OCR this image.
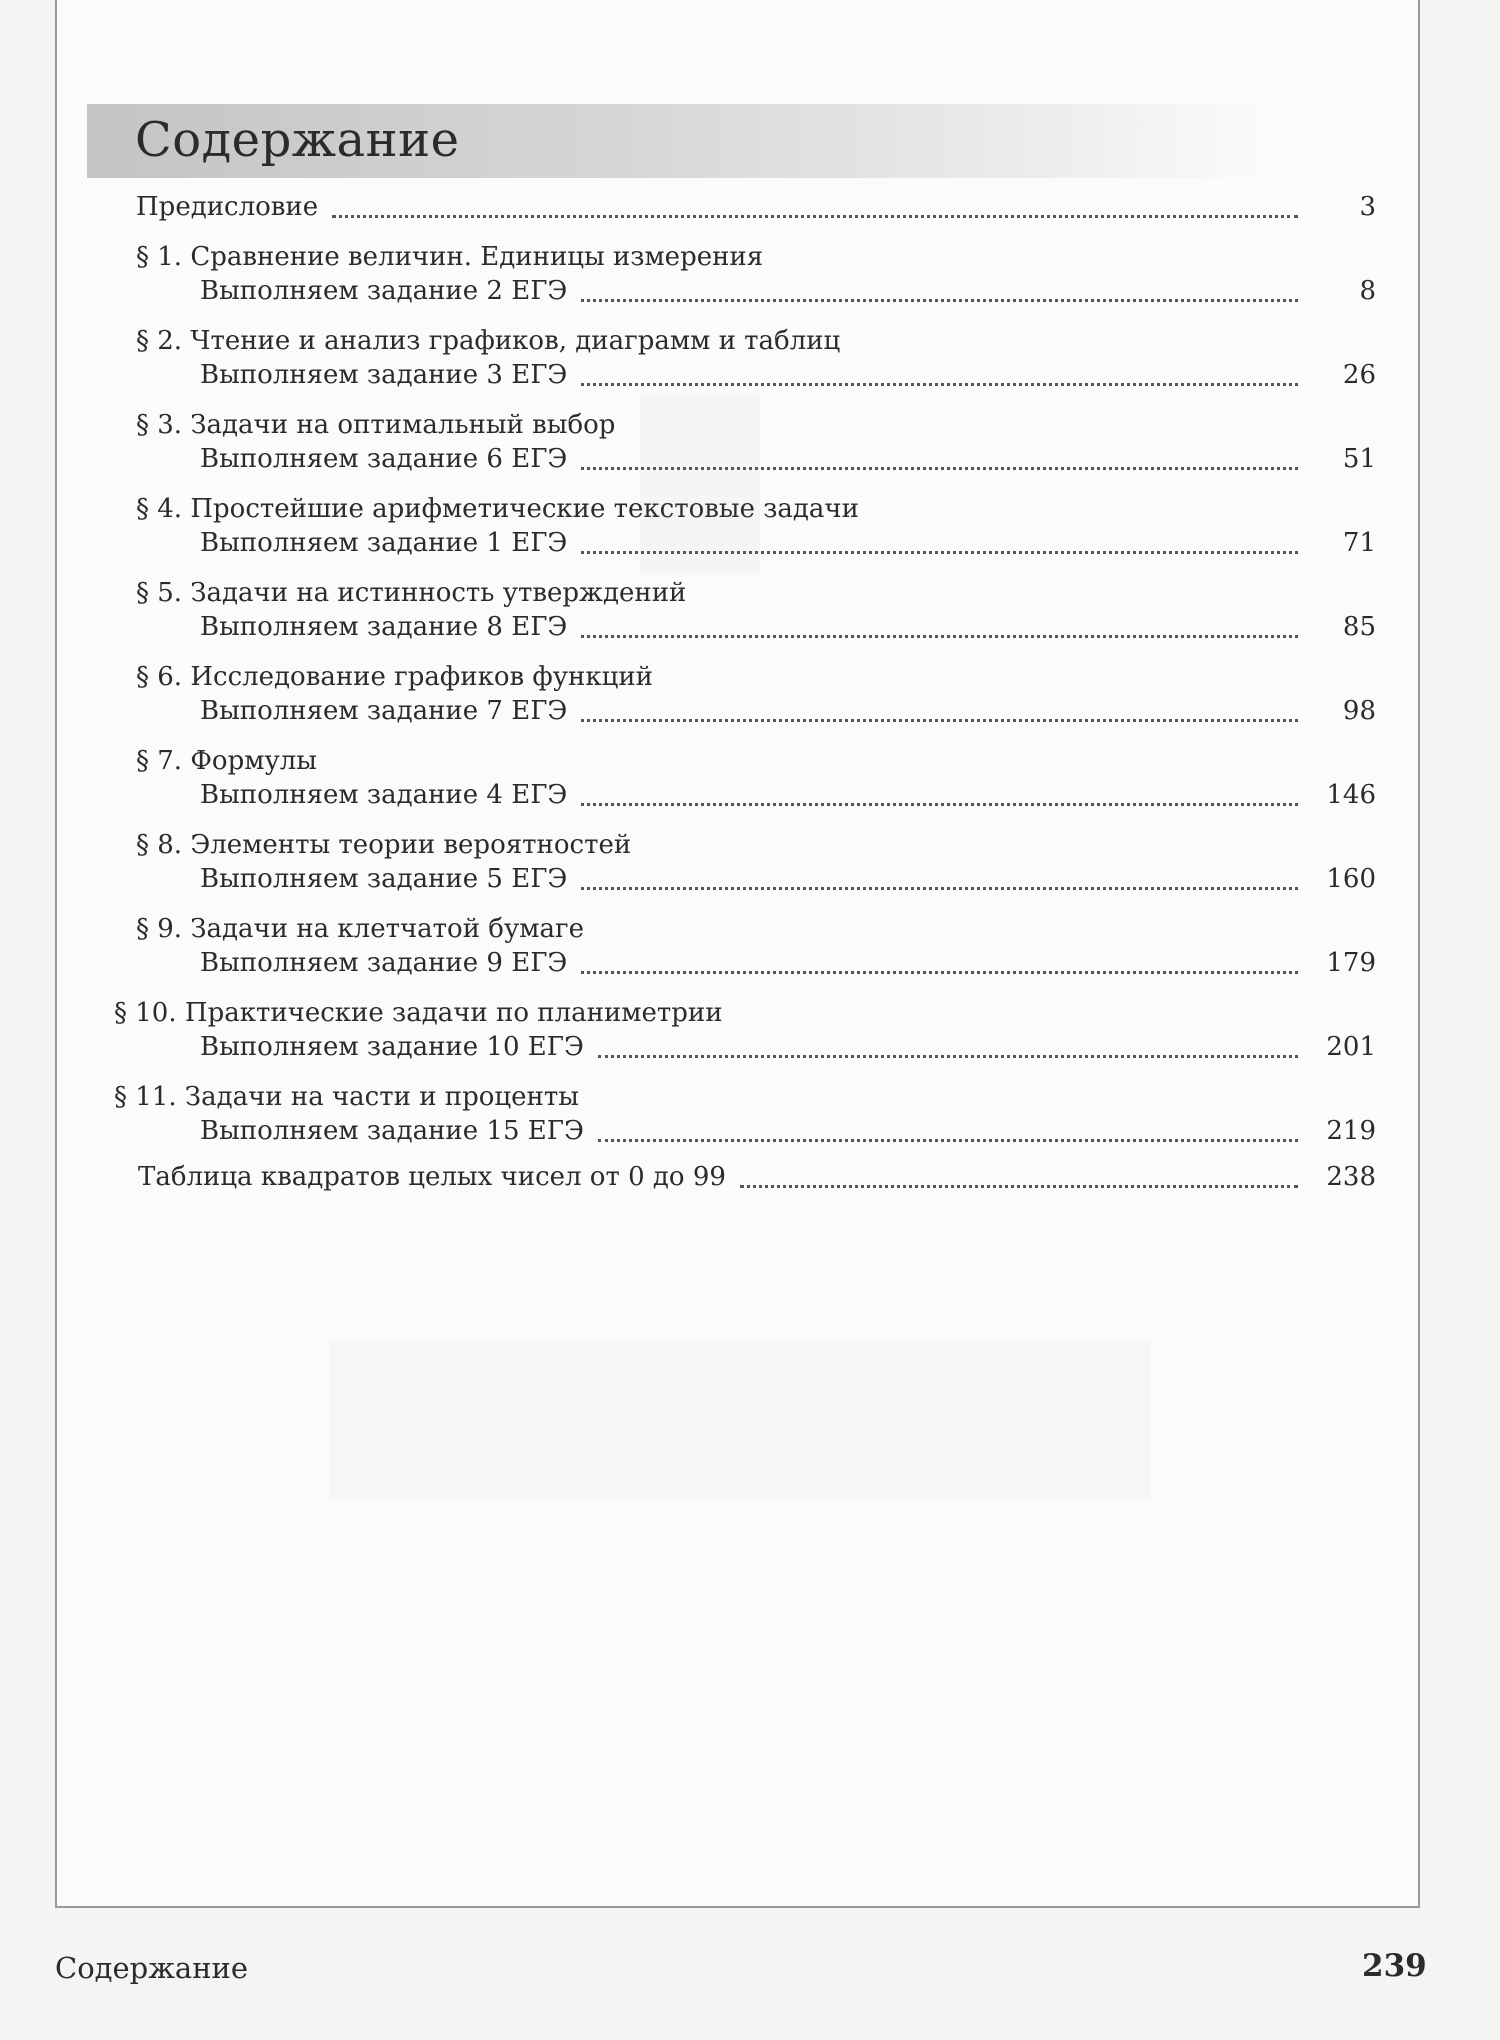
Содержание
Предисловие	3
§ 1. Сравнение величин. Единицы измерения
Выполняем задание 2 ЕГЭ	8
§ 2. Чтение и анализ графиков, диаграмм и таблиц
Выполняем задание 3 ЕГЭ	26
§ 3. Задачи на оптимальный выбор
Выполняем задание 6 ЕГЭ	51
§ 4. Простейшие арифметические текстовые задачи
Выполняем задание 1 ЕГЭ	71
§ 5. Задачи на истинность утверждений
Выполняем задание 8 ЕГЭ	85
§ 6. Исследование графиков функций
Выполняем задание 7 ЕГЭ	98
§ 7. Формулы
Выполняем задание 4 ЕГЭ	146
§ 8. Элементы теории вероятностей
Выполняем задание 5 ЕГЭ	160
§ 9. Задачи на клетчатой бумаге
Выполняем задание 9 ЕГЭ	179
§ 10. Практические задачи по планиметрии
Выполняем задание 10 ЕГЭ	201
§ 11. Задачи на части и проценты
Выполняем задание 15 ЕГЭ	219
Таблица квадратов целых чисел от 0 до 99	238
Содержание	239
